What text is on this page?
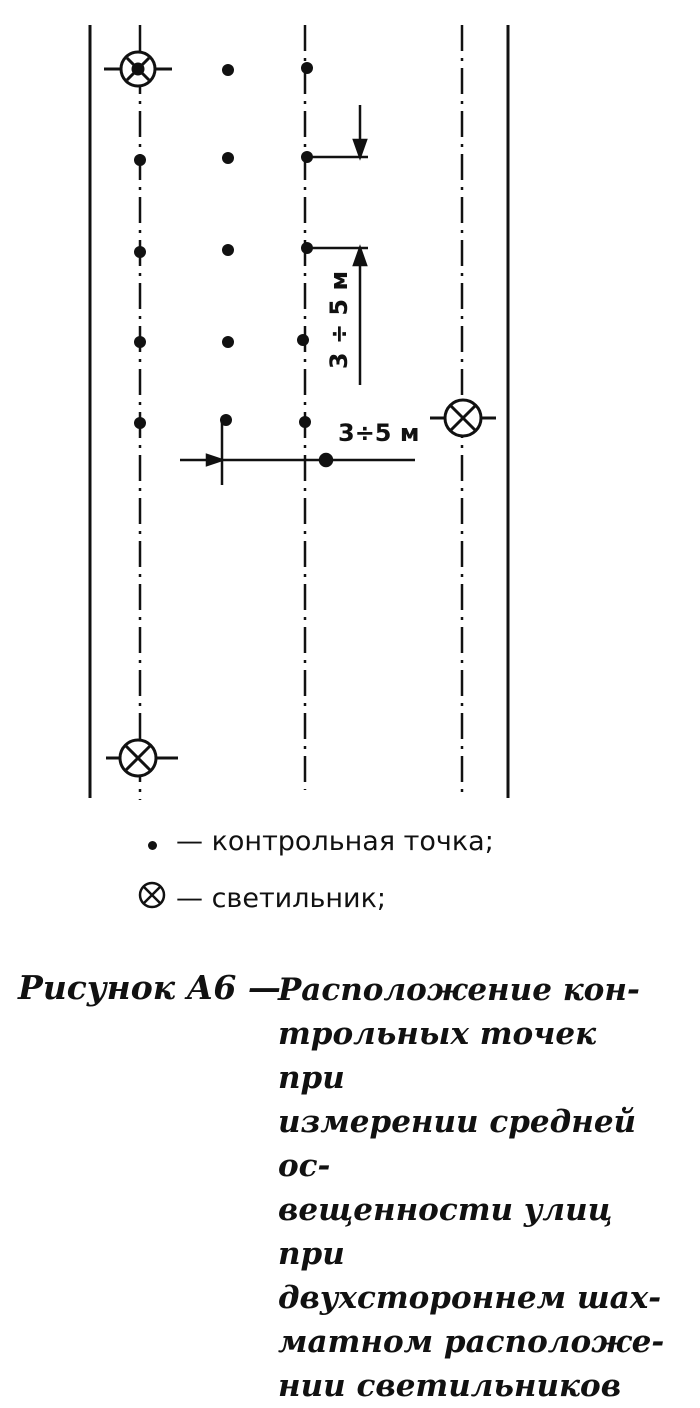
3 ÷ 5 м
3÷5 м
— контрольная точка;
— светильник;
Рисунок А6 —
Расположение кон-
трольных точек при
измерении средней ос-
вещенности улиц при
двухстороннем шах-
матном расположе-
нии светильников
